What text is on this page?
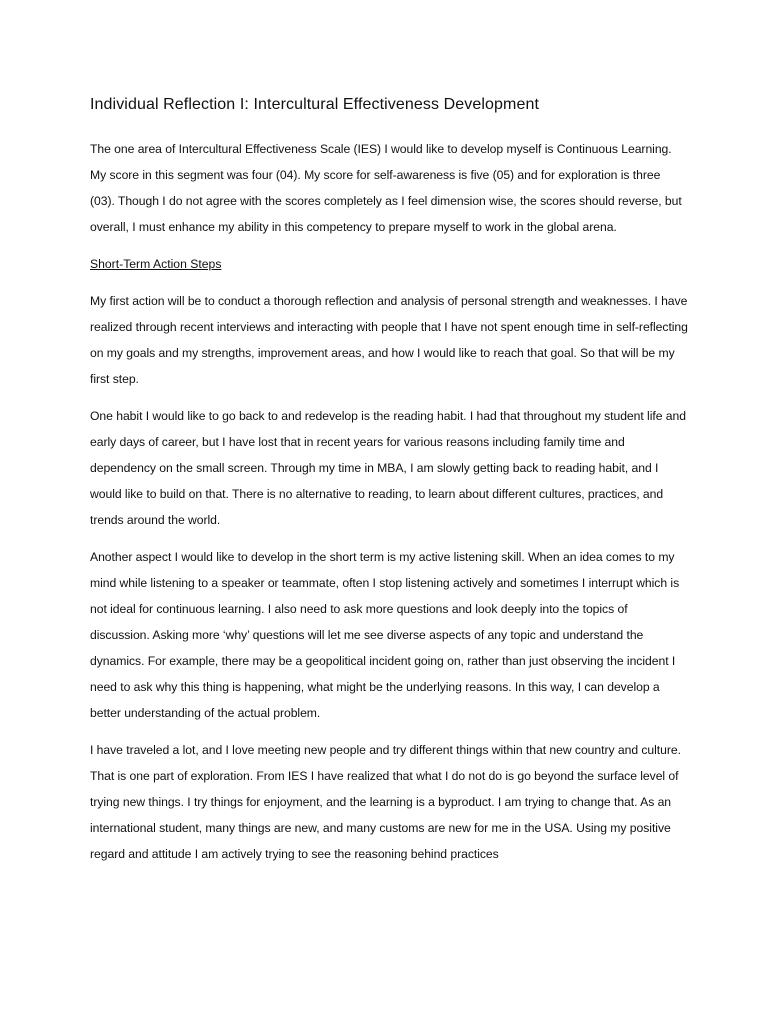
Individual Reflection I: Intercultural Effectiveness Development

The one area of Intercultural Effectiveness Scale (IES) I would like to develop myself is Continuous Learning. My score in this segment was four (04). My score for self-awareness is five (05) and for exploration is three (03). Though I do not agree with the scores completely as I feel dimension wise, the scores should reverse, but overall, I must enhance my ability in this competency to prepare myself to work in the global arena.

Short-Term Action Steps

My first action will be to conduct a thorough reflection and analysis of personal strength and weaknesses. I have realized through recent interviews and interacting with people that I have not spent enough time in self-reflecting on my goals and my strengths, improvement areas, and how I would like to reach that goal. So that will be my first step.

One habit I would like to go back to and redevelop is the reading habit. I had that throughout my student life and early days of career, but I have lost that in recent years for various reasons including family time and dependency on the small screen. Through my time in MBA, I am slowly getting back to reading habit, and I would like to build on that. There is no alternative to reading, to learn about different cultures, practices, and trends around the world.

Another aspect I would like to develop in the short term is my active listening skill. When an idea comes to my mind while listening to a speaker or teammate, often I stop listening actively and sometimes I interrupt which is not ideal for continuous learning. I also need to ask more questions and look deeply into the topics of discussion. Asking more ‘why’ questions will let me see diverse aspects of any topic and understand the dynamics. For example, there may be a geopolitical incident going on, rather than just observing the incident I need to ask why this thing is happening, what might be the underlying reasons. In this way, I can develop a better understanding of the actual problem.

I have traveled a lot, and I love meeting new people and try different things within that new country and culture. That is one part of exploration. From IES I have realized that what I do not do is go beyond the surface level of trying new things. I try things for enjoyment, and the learning is a byproduct. I am trying to change that. As an international student, many things are new, and many customs are new for me in the USA. Using my positive regard and attitude I am actively trying to see the reasoning behind practices
